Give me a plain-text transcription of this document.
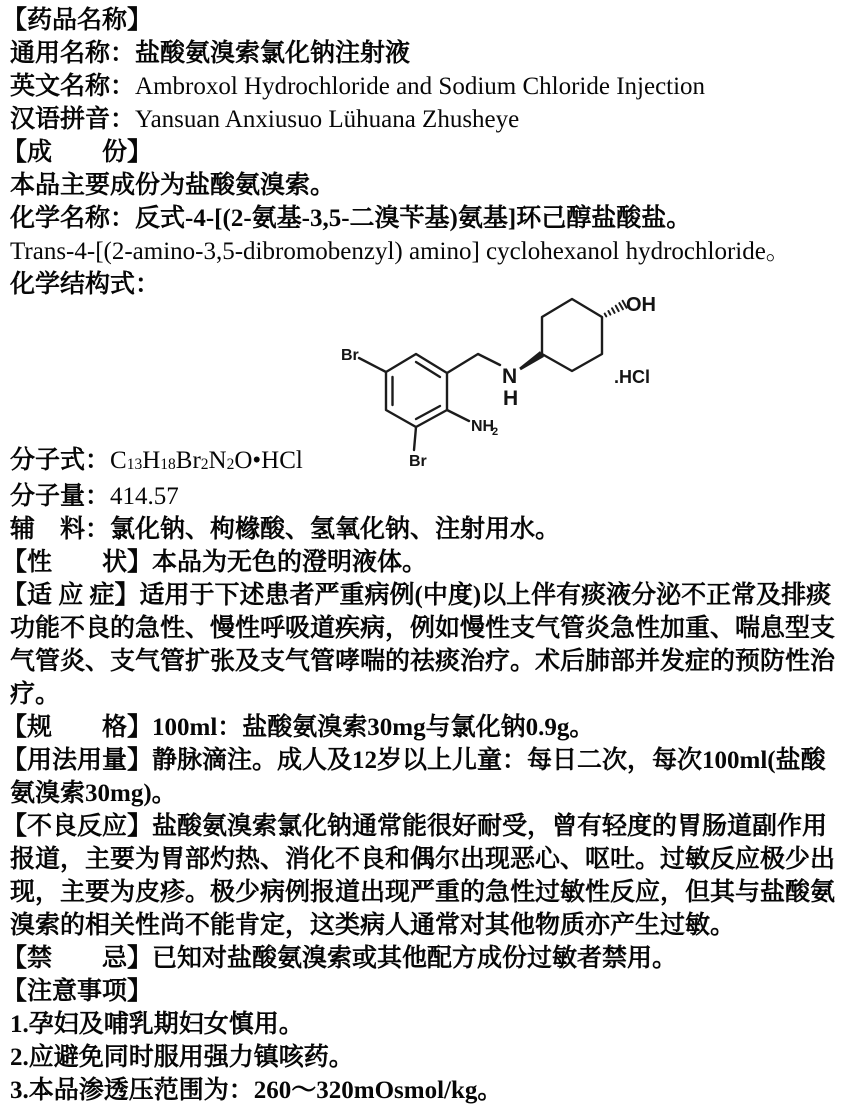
【药品名称】

通用名称：盐酸氨溴索氯化钠注射液

英文名称：Ambroxol Hydrochloride and Sodium Chloride Injection

汉语拼音：Yansuan Anxiusuo Lühuana Zhusheye

【成　　份】

本品主要成份为盐酸氨溴索。

化学名称：反式-4-[(2-氨基-3,5-二溴苄基)氨基]环己醇盐酸盐。

Trans-4-[(2-amino-3,5-dibromobenzyl) amino] cyclohexanol hydrochloride。

化学结构式：

Br
Br
NH
2
N
H
OH
.HCl

分子式：$C_{13}H_{18}Br_2N_2O•HCl$

分子量：414.57

辅　料：氯化钠、枸橼酸、氢氧化钠、注射用水。

【性　　状】本品为无色的澄明液体。

【适 应 症】适用于下述患者严重病例(中度)以上伴有痰液分泌不正常及排痰功能不良的急性、慢性呼吸道疾病，例如慢性支气管炎急性加重、喘息型支气管炎、支气管扩张及支气管哮喘的祛痰治疗。术后肺部并发症的预防性治疗。

【规　　格】100ml：盐酸氨溴索30mg与氯化钠0.9g。

【用法用量】静脉滴注。成人及12岁以上儿童：每日二次，每次100ml(盐酸氨溴索30mg)。

【不良反应】盐酸氨溴索氯化钠通常能很好耐受，曾有轻度的胃肠道副作用报道，主要为胃部灼热、消化不良和偶尔出现恶心、呕吐。过敏反应极少出现，主要为皮疹。极少病例报道出现严重的急性过敏性反应，但其与盐酸氨溴索的相关性尚不能肯定，这类病人通常对其他物质亦产生过敏。

【禁　　忌】已知对盐酸氨溴索或其他配方成份过敏者禁用。

【注意事项】

1.孕妇及哺乳期妇女慎用。

2.应避免同时服用强力镇咳药。

3.本品渗透压范围为：260～320mOsmol/kg。
